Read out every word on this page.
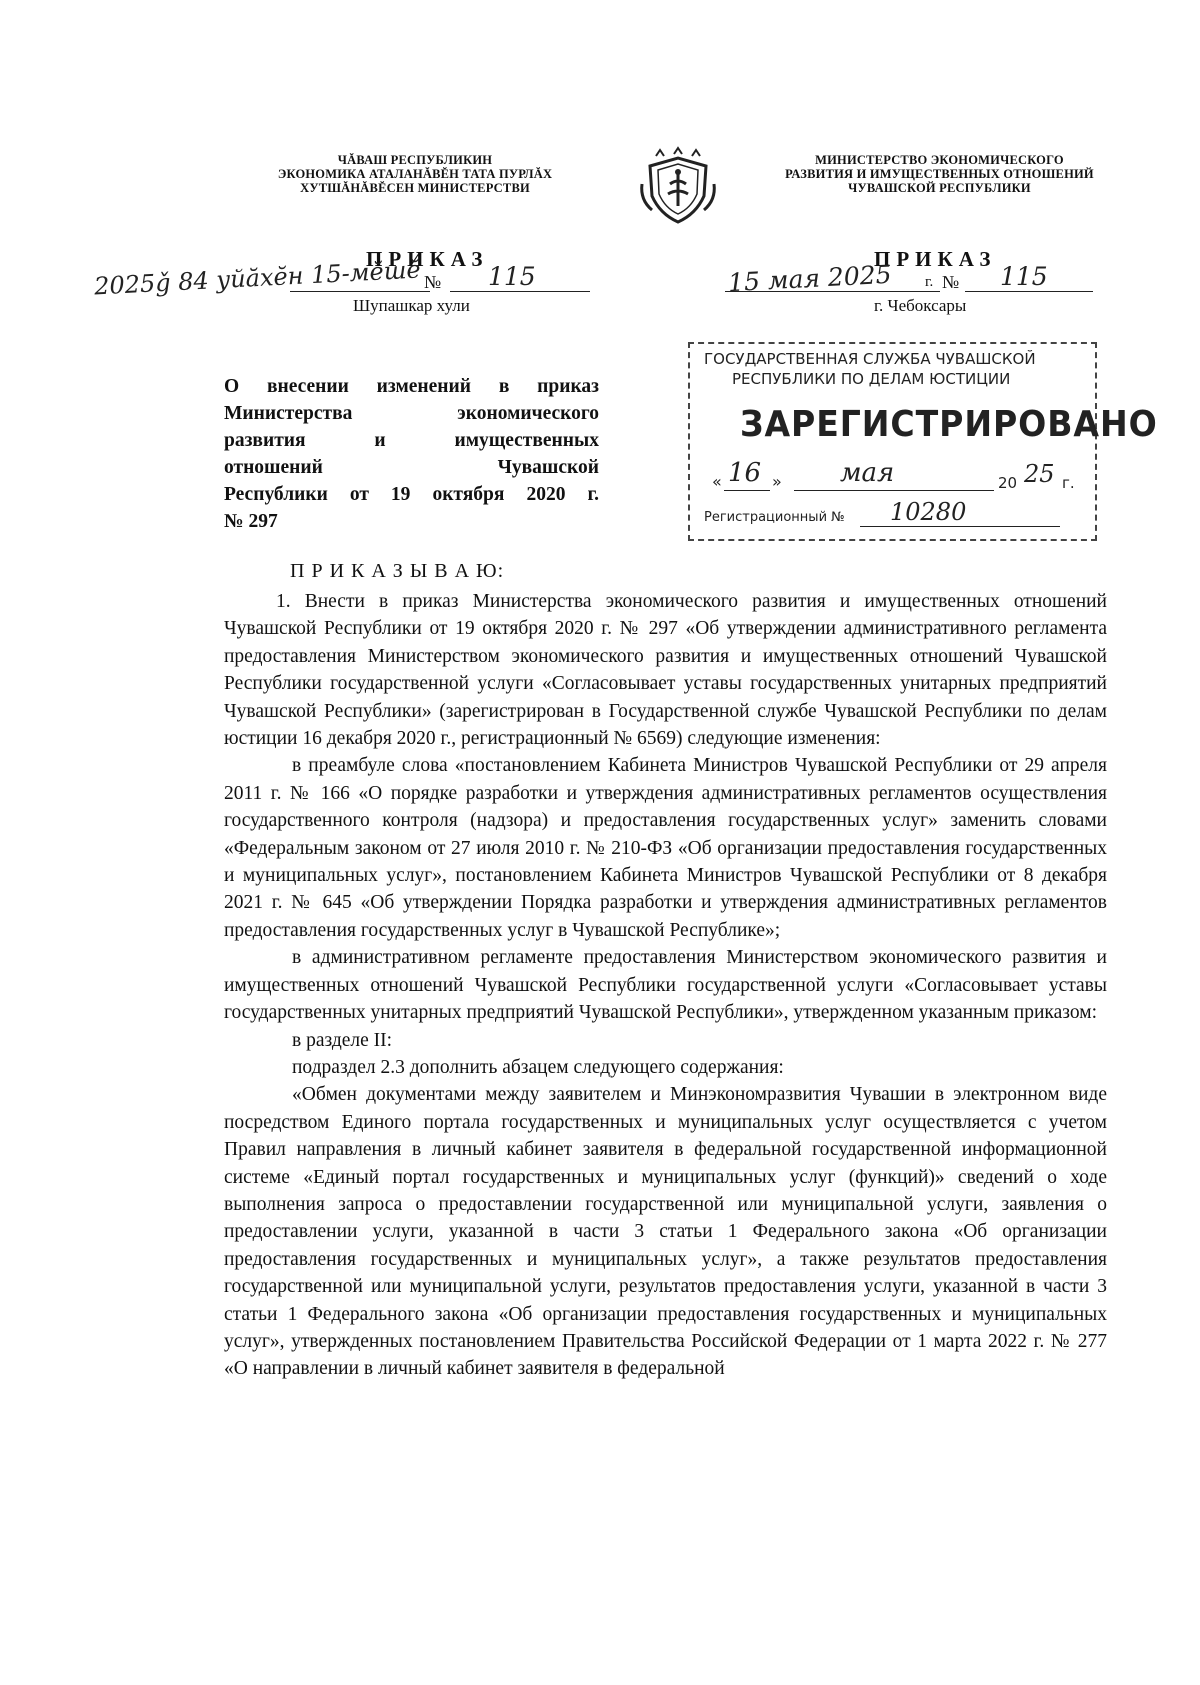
ЧĂВАШ РЕСПУБЛИКИН
ЭКОНОМИКА АТАЛАНĂВĔН ТАТА ПУРЛĂХ
ХУТШĂНĂВĔСЕН МИНИСТЕРСТВИ
МИНИСТЕРСТВО ЭКОНОМИЧЕСКОГО
РАЗВИТИЯ И ИМУЩЕСТВЕННЫХ ОТНОШЕНИЙ
ЧУВАШСКОЙ РЕСПУБЛИКИ
ПРИКАЗ
2025ǧ 84 уйăхĕн 15-мĕшĕ № 115
Шупашкар хули
ПРИКАЗ
15 мая 2025 г. № 115
г. Чебоксары
О внесении изменений в приказ
Министерства экономического
развития и имущественных
отношений Чувашской
Республики от 19 октября 2020 г.
№ 297
ГОСУДАРСТВЕННАЯ СЛУЖБА ЧУВАШСКОЙ
РЕСПУБЛИКИ ПО ДЕЛАМ ЮСТИЦИИ
ЗАРЕГИСТРИРОВАНО
« 16 » мая	20 25 г.
Регистрационный № 10280
П Р И К А З Ы В А Ю:

1. Внести в приказ Министерства экономического развития и имущественных отношений Чувашской Республики от 19 октября 2020 г. № 297 «Об утверждении административного регламента предоставления Министерством экономического развития и имущественных отношений Чувашской Республики государственной услуги «Согласовывает уставы государственных унитарных предприятий Чувашской Республики» (зарегистрирован в Государственной службе Чувашской Республики по делам юстиции 16 декабря 2020 г., регистрационный № 6569) следующие изменения:

в преамбуле слова «постановлением Кабинета Министров Чувашской Республики от 29 апреля 2011 г. № 166 «О порядке разработки и утверждения административных регламентов осуществления государственного контроля (надзора) и предоставления государственных услуг» заменить словами «Федеральным законом от 27 июля 2010 г. № 210-ФЗ «Об организации предоставления государственных и муниципальных услуг», постановлением Кабинета Министров Чувашской Республики от 8 декабря 2021 г. № 645 «Об утверждении Порядка разработки и утверждения административных регламентов предоставления государственных услуг в Чувашской Республике»;

в административном регламенте предоставления Министерством экономического развития и имущественных отношений Чувашской Республики государственной услуги «Согласовывает уставы государственных унитарных предприятий Чувашской Республики», утвержденном указанным приказом:

в разделе II:

подраздел 2.3 дополнить абзацем следующего содержания:

«Обмен документами между заявителем и Минэкономразвития Чувашии в электронном виде посредством Единого портала государственных и муниципальных услуг осуществляется с учетом Правил направления в личный кабинет заявителя в федеральной государственной информационной системе «Единый портал государственных и муниципальных услуг (функций)» сведений о ходе выполнения запроса о предоставлении государственной или муниципальной услуги, заявления о предоставлении услуги, указанной в части 3 статьи 1 Федерального закона «Об организации предоставления государственных и муниципальных услуг», а также результатов предоставления государственной или муниципальной услуги, результатов предоставления услуги, указанной в части 3 статьи 1 Федерального закона «Об организации предоставления государственных и муниципальных услуг», утвержденных постановлением Правительства Российской Федерации от 1 марта 2022 г. № 277 «О направлении в личный кабинет заявителя в федеральной
